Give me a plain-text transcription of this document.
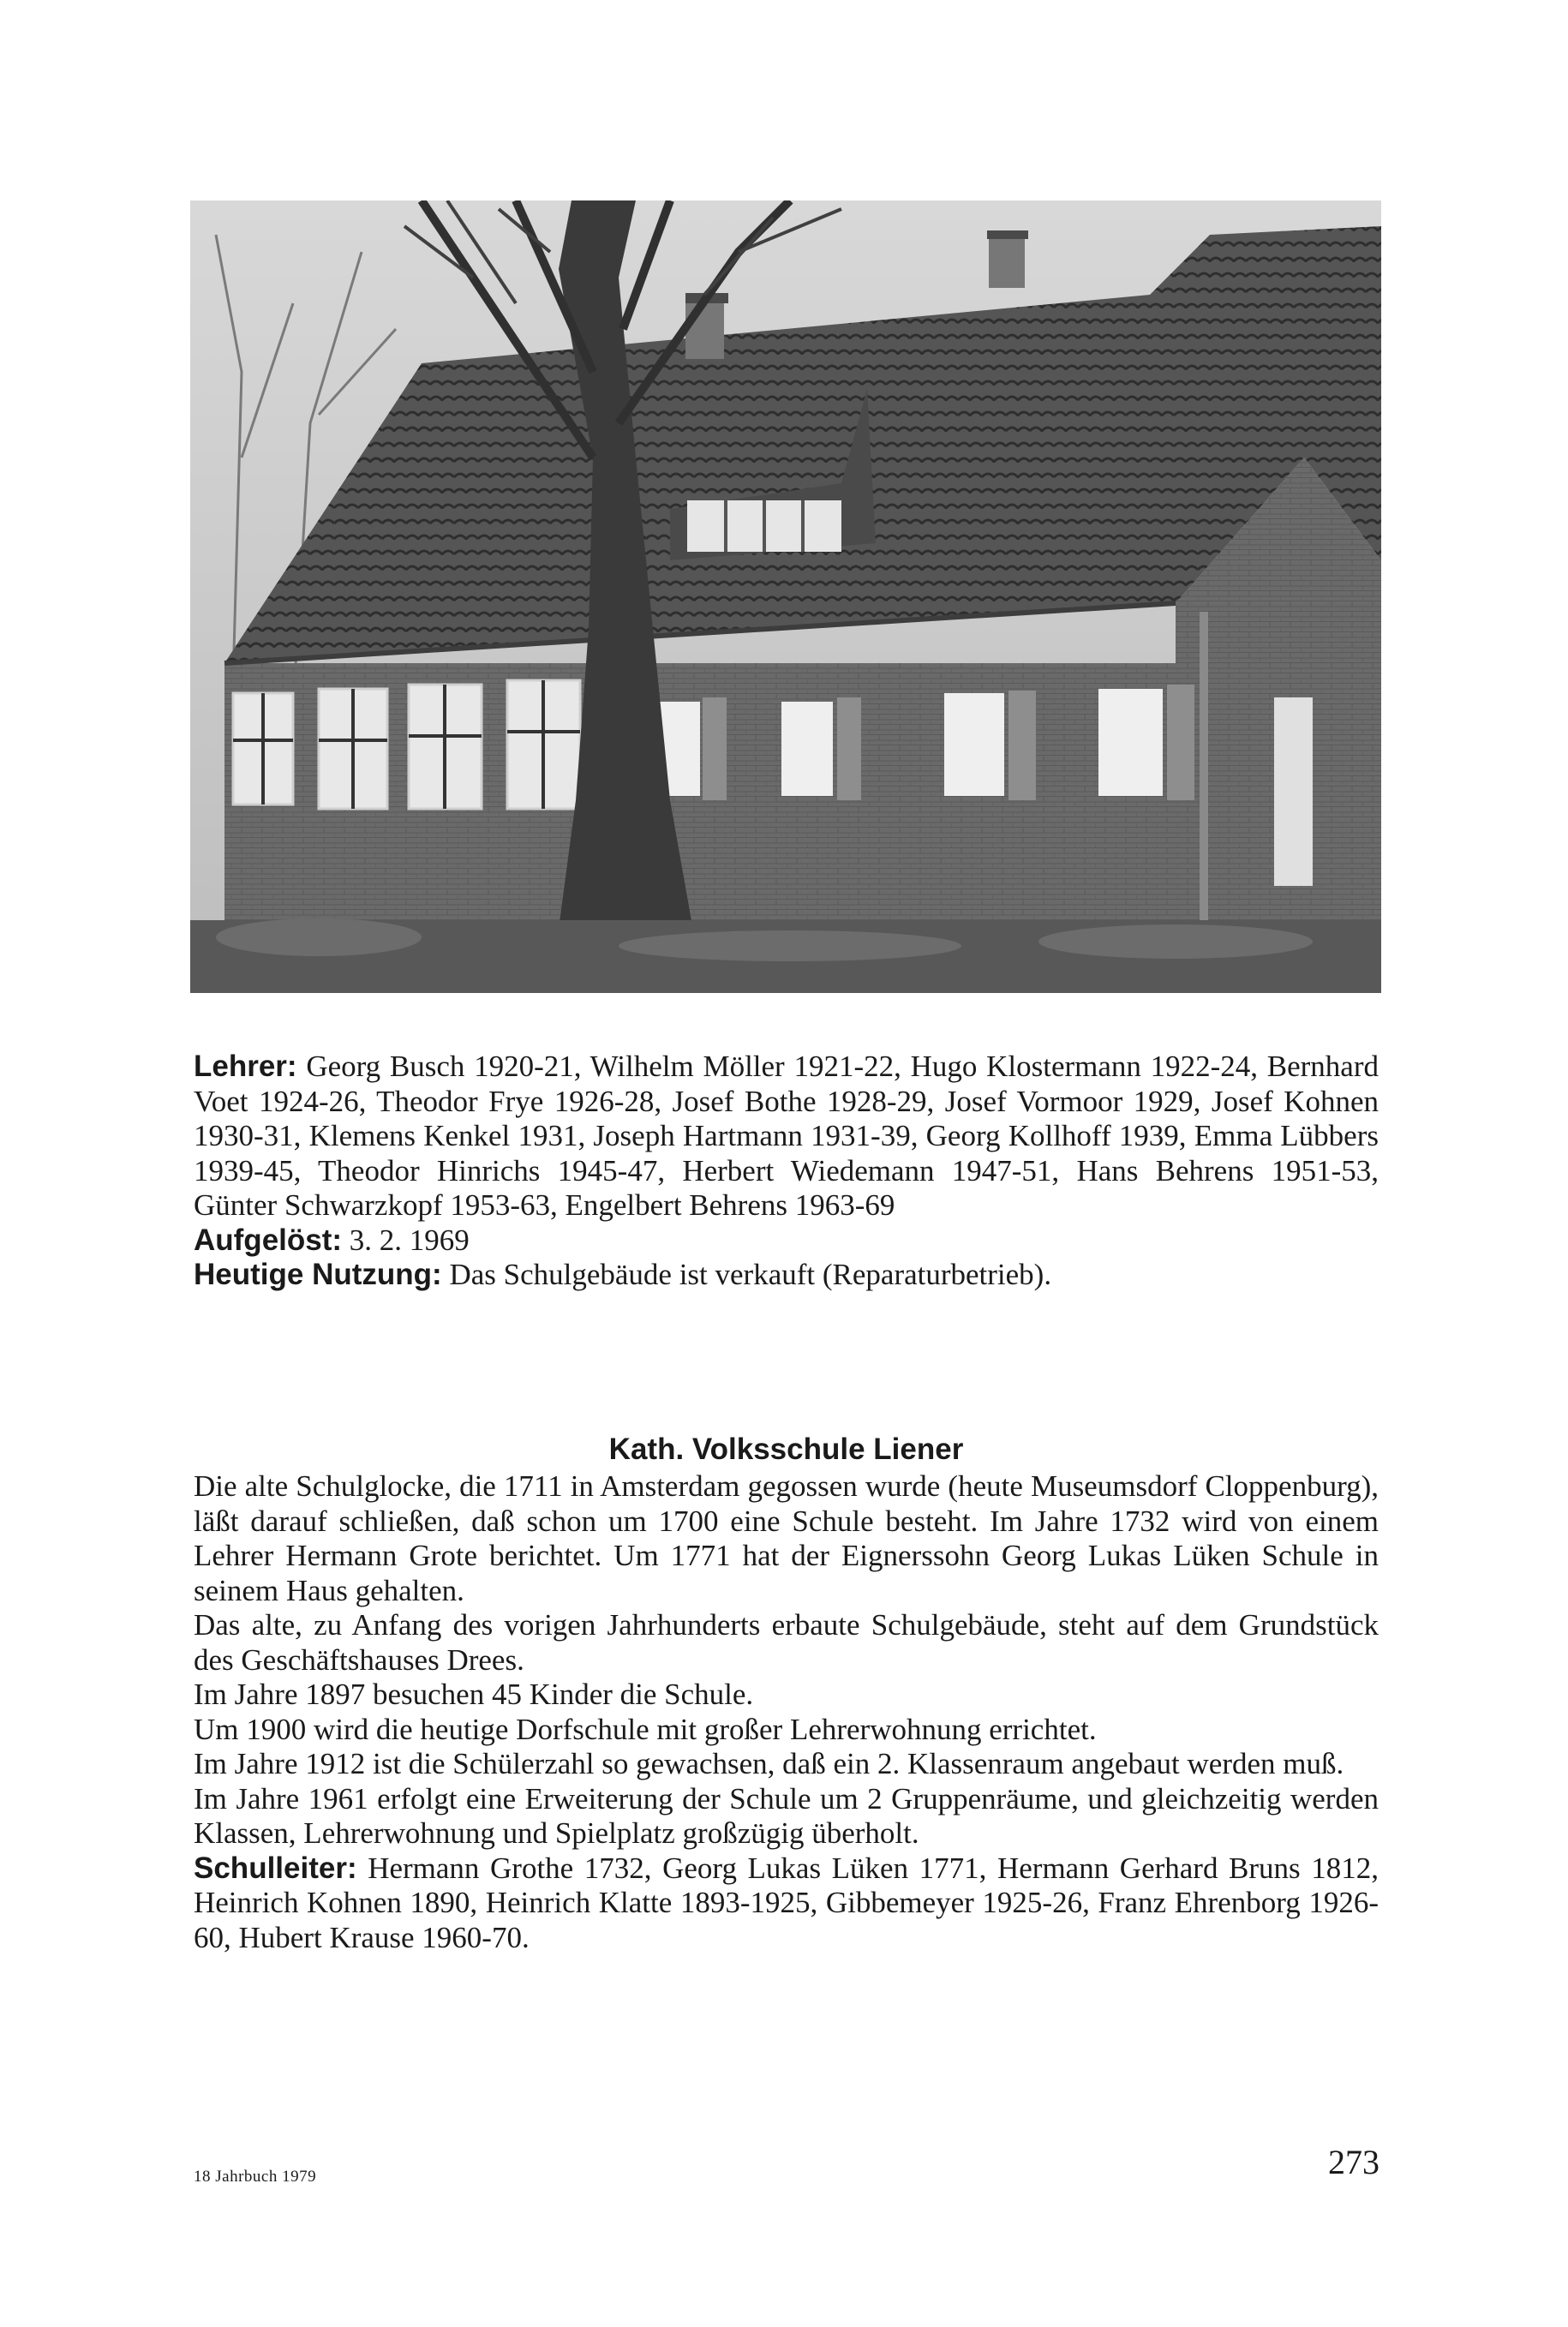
Lehrer: Georg Busch 1920-21, Wilhelm Möller 1921-22, Hugo Klostermann 1922-24, Bernhard Voet 1924-26, Theodor Frye 1926-28, Josef Bothe 1928-29, Josef Vormoor 1929, Josef Kohnen 1930-31, Klemens Kenkel 1931, Joseph Hartmann 1931-39, Georg Kollhoff 1939, Emma Lübbers 1939-45, Theodor Hinrichs 1945-47, Herbert Wiedemann 1947-51, Hans Behrens 1951-53, Günter Schwarzkopf 1953-63, Engelbert Behrens 1963-69

Aufgelöst: 3. 2. 1969

Heutige Nutzung: Das Schulgebäude ist verkauft (Reparaturbetrieb).

Kath. Volksschule Liener

Die alte Schulglocke, die 1711 in Amsterdam gegossen wurde (heute Museumsdorf Cloppenburg), läßt darauf schließen, daß schon um 1700 eine Schule besteht. Im Jahre 1732 wird von einem Lehrer Hermann Grote berichtet. Um 1771 hat der Eignerssohn Georg Lukas Lüken Schule in seinem Haus gehalten.

Das alte, zu Anfang des vorigen Jahrhunderts erbaute Schulgebäude, steht auf dem Grundstück des Geschäftshauses Drees.

Im Jahre 1897 besuchen 45 Kinder die Schule.

Um 1900 wird die heutige Dorfschule mit großer Lehrerwohnung errichtet.

Im Jahre 1912 ist die Schülerzahl so gewachsen, daß ein 2. Klassenraum angebaut werden muß.

Im Jahre 1961 erfolgt eine Erweiterung der Schule um 2 Gruppenräume, und gleichzeitig werden Klassen, Lehrerwohnung und Spielplatz großzügig überholt.

Schulleiter: Hermann Grothe 1732, Georg Lukas Lüken 1771, Hermann Gerhard Bruns 1812, Heinrich Kohnen 1890, Heinrich Klatte 1893-1925, Gibbemeyer 1925-26, Franz Ehrenborg 1926-60, Hubert Krause 1960-70.

18 Jahrbuch 1979	273
